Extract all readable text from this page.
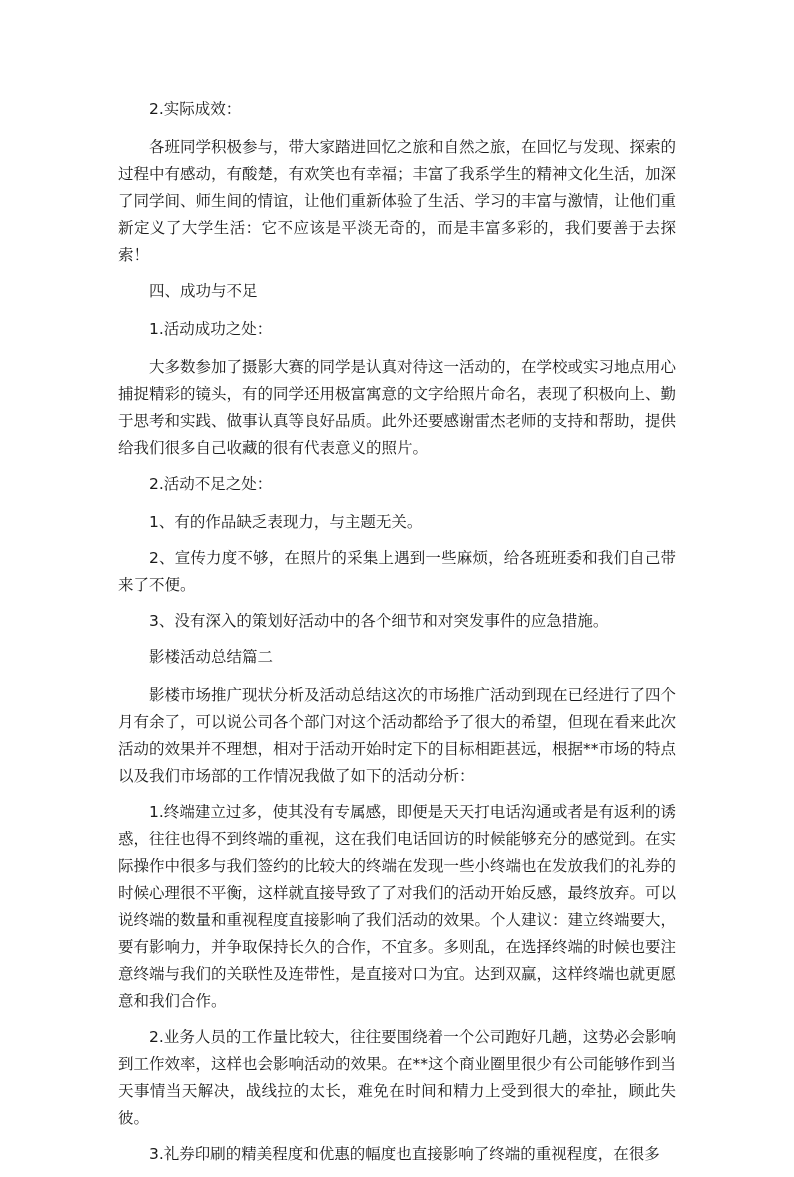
2.实际成效：

各班同学积极参与，带大家踏进回忆之旅和自然之旅，在回忆与发现、探索的过程中有感动，有酸楚，有欢笑也有幸福；丰富了我系学生的精神文化生活，加深了同学间、师生间的情谊，让他们重新体验了生活、学习的丰富与激情，让他们重新定义了大学生活：它不应该是平淡无奇的，而是丰富多彩的，我们要善于去探索！

四、成功与不足

1.活动成功之处：

大多数参加了摄影大赛的同学是认真对待这一活动的，在学校或实习地点用心捕捉精彩的镜头，有的同学还用极富寓意的文字给照片命名，表现了积极向上、勤于思考和实践、做事认真等良好品质。此外还要感谢雷杰老师的支持和帮助，提供给我们很多自己收藏的很有代表意义的照片。

2.活动不足之处：

1、有的作品缺乏表现力，与主题无关。

2、宣传力度不够，在照片的采集上遇到一些麻烦，给各班班委和我们自己带来了不便。

3、没有深入的策划好活动中的各个细节和对突发事件的应急措施。

影楼活动总结篇二

影楼市场推广现状分析及活动总结这次的市场推广活动到现在已经进行了四个月有余了，可以说公司各个部门对这个活动都给予了很大的希望，但现在看来此次活动的效果并不理想，相对于活动开始时定下的目标相距甚远，根据**市场的特点以及我们市场部的工作情况我做了如下的活动分析：

1.终端建立过多，使其没有专属感，即便是天天打电话沟通或者是有返利的诱惑，往往也得不到终端的重视，这在我们电话回访的时候能够充分的感觉到。在实际操作中很多与我们签约的比较大的终端在发现一些小终端也在发放我们的礼券的时候心理很不平衡，这样就直接导致了了对我们的活动开始反感，最终放弃。可以说终端的数量和重视程度直接影响了我们活动的效果。个人建议：建立终端要大，要有影响力，并争取保持长久的合作，不宜多。多则乱，在选择终端的时候也要注意终端与我们的关联性及连带性，是直接对口为宜。达到双赢，这样终端也就更愿意和我们合作。

2.业务人员的工作量比较大，往往要围绕着一个公司跑好几趟，这势必会影响到工作效率，这样也会影响活动的效果。在**这个商业圈里很少有公司能够作到当天事情当天解决，战线拉的太长，难免在时间和精力上受到很大的牵扯，顾此失彼。

3.礼券印刷的精美程度和优惠的幅度也直接影响了终端的重视程度，在很多
